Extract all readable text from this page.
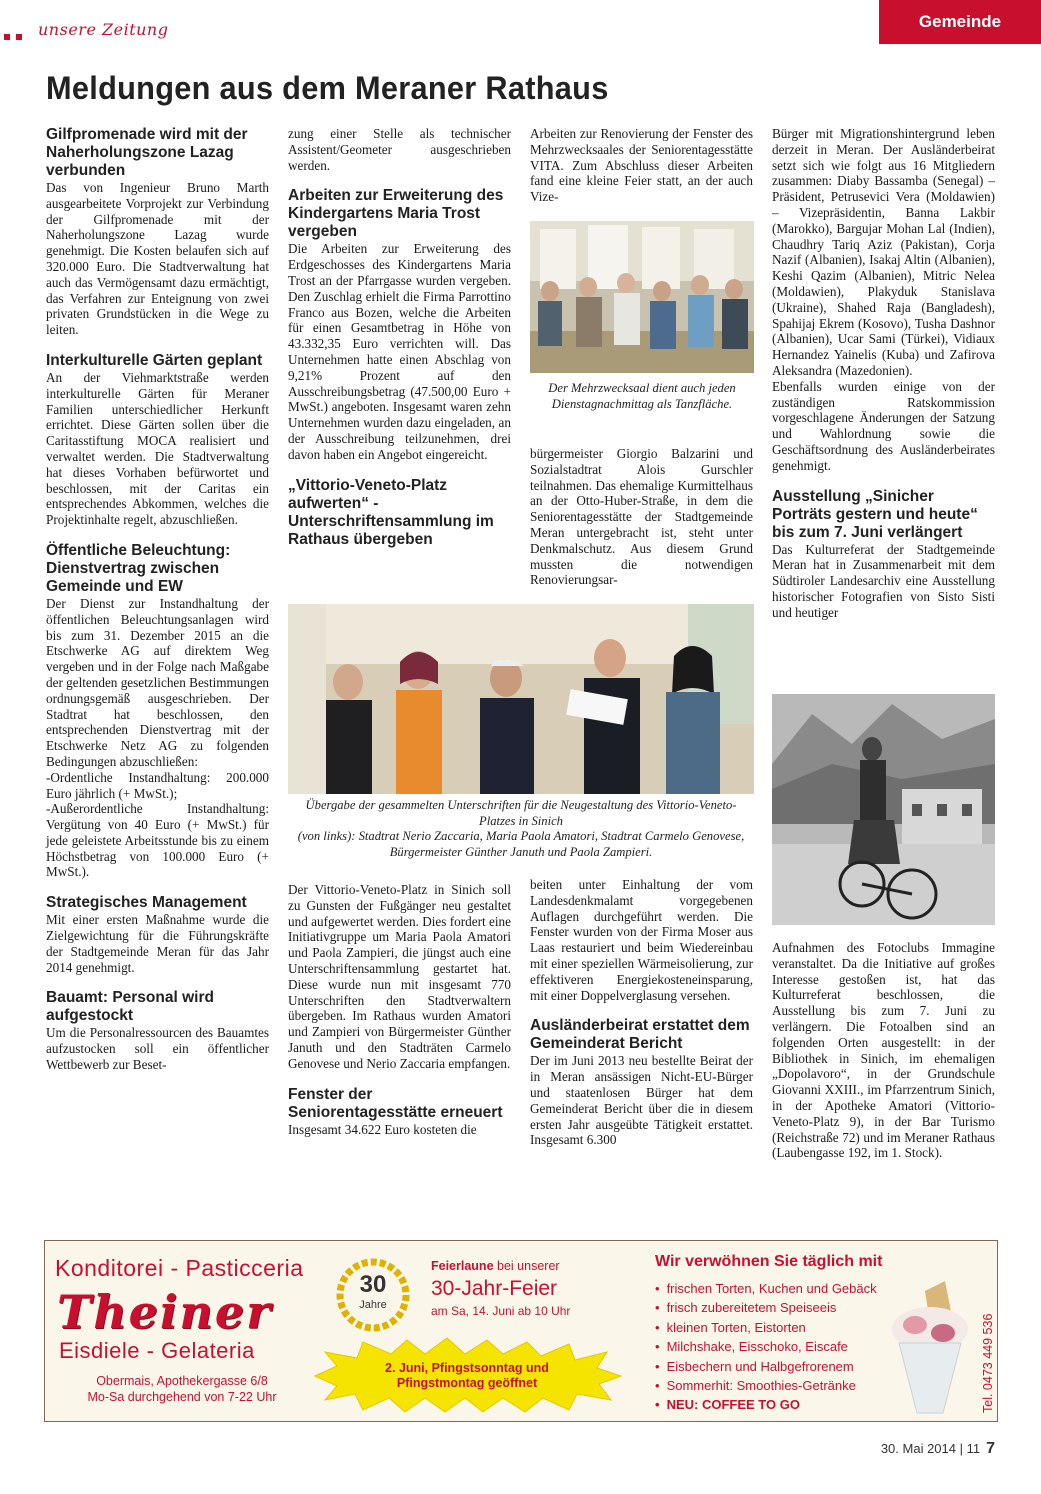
unsere Zeitung	Gemeinde
Meldungen aus dem Meraner Rathaus
Gilfpromenade wird mit der Naherholungszone Lazag verbunden

Das von Ingenieur Bruno Marth ausgearbeitete Vorprojekt zur Verbindung der Gilfpromenade mit der Naherholungszone Lazag wurde genehmigt. Die Kosten belaufen sich auf 320.000 Euro. Die Stadtverwaltung hat auch das Vermögensamt dazu ermächtigt, das Verfahren zur Enteignung von zwei privaten Grundstücken in die Wege zu leiten.

Interkulturelle Gärten geplant

An der Viehmarktstraße werden interkulturelle Gärten für Meraner Familien unterschiedlicher Herkunft errichtet. Diese Gärten sollen über die Caritasstiftung MOCA realisiert und verwaltet werden. Die Stadtverwaltung hat dieses Vorhaben befürwortet und beschlossen, mit der Caritas ein entsprechendes Abkommen, welches die Projektinhalte regelt, abzuschließen.

Öffentliche Beleuchtung: Dienstvertrag zwischen Gemeinde und EW

Der Dienst zur Instandhaltung der öffentlichen Beleuchtungsanlagen wird bis zum 31. Dezember 2015 an die Etschwerke AG auf direktem Weg vergeben und in der Folge nach Maßgabe der geltenden gesetzlichen Bestimmungen ordnungsgemäß ausgeschrieben. Der Stadtrat hat beschlossen, den entsprechenden Dienstvertrag mit der Etschwerke Netz AG zu folgenden Bedingungen abzuschließen:

-Ordentliche Instandhaltung: 200.000 Euro jährlich (+ MwSt.);

-Außerordentliche Instandhaltung: Vergütung von 40 Euro (+ MwSt.) für jede geleistete Arbeitsstunde bis zu einem Höchstbetrag von 100.000 Euro (+ MwSt.).

Strategisches Management

Mit einer ersten Maßnahme wurde die Zielgewichtung für die Führungskräfte der Stadtgemeinde Meran für das Jahr 2014 genehmigt.

Bauamt: Personal wird aufgestockt

Um die Personalressourcen des Bauamtes aufzustocken soll ein öffentlicher Wettbewerb zur Beset-

zung einer Stelle als technischer Assistent/Geometer ausgeschrieben werden.

Arbeiten zur Erweiterung des Kindergartens Maria Trost vergeben

Die Arbeiten zur Erweiterung des Erdgeschosses des Kindergartens Maria Trost an der Pfarrgasse wurden vergeben. Den Zuschlag erhielt die Firma Parrottino Franco aus Bozen, welche die Arbeiten für einen Gesamtbetrag in Höhe von 43.332,35 Euro verrichten will. Das Unternehmen hatte einen Abschlag von 9,21% Prozent auf den Ausschreibungsbetrag (47.500,00 Euro + MwSt.) angeboten. Insgesamt waren zehn Unternehmen wurden dazu eingeladen, an der Ausschreibung teilzunehmen, drei davon haben ein Angebot eingereicht.

„Vittorio-Veneto-Platz aufwerten“ - Unterschriftensammlung im Rathaus übergeben

Arbeiten zur Renovierung der Fenster des Mehrzwecksaales der Seniorentagesstätte VITA. Zum Abschluss dieser Arbeiten fand eine kleine Feier statt, an der auch Vize-

Der Mehrzwecksaal dient auch jeden Dienstagnachmittag als Tanzfläche.

bürgermeister Giorgio Balzarini und Sozialstadtrat Alois Gurschler teilnahmen. Das ehemalige Kurmittelhaus an der Otto-Huber-Straße, in dem die Seniorentagesstätte der Stadtgemeinde Meran untergebracht ist, steht unter Denkmalschutz. Aus diesem Grund mussten die notwendigen Renovierungsar-

Bürger mit Migrationshintergrund leben derzeit in Meran. Der Ausländerbeirat setzt sich wie folgt aus 16 Mitgliedern zusammen: Diaby Bassamba (Senegal) – Präsident, Petrusevici Vera (Moldawien) – Vizepräsidentin, Banna Lakbir (Marokko), Bargujar Mohan Lal (Indien), Chaudhry Tariq Aziz (Pakistan), Corja Nazif (Albanien), Isakaj Altin (Albanien), Keshi Qazim (Albanien), Mitric Nelea (Moldawien), Plakyduk Stanislava (Ukraine), Shahed Raja (Bangladesh), Spahijaj Ekrem (Kosovo), Tusha Dashnor (Albanien), Ucar Sami (Türkei), Vidiaux Hernandez Yainelis (Kuba) und Zafirova Aleksandra (Mazedonien).

Ebenfalls wurden einige von der zuständigen Ratskommission vorgeschlagene Änderungen der Satzung und Wahlordnung sowie die Geschäftsordnung des Ausländerbeirates genehmigt.

Ausstellung „Sinicher Porträts gestern und heute“ bis zum 7. Juni verlängert

Das Kulturreferat der Stadtgemeinde Meran hat in Zusammenarbeit mit dem Südtiroler Landesarchiv eine Ausstellung historischer Fotografien von Sisto Sisti und heutiger

Aufnahmen des Fotoclubs Immagine veranstaltet. Da die Initiative auf großes Interesse gestoßen ist, hat das Kulturreferat beschlossen, die Ausstellung bis zum 7. Juni zu verlängern. Die Fotoalben sind an folgenden Orten ausgestellt: in der Bibliothek in Sinich, im ehemaligen „Dopolavoro“, in der Grundschule Giovanni XXIII., im Pfarrzentrum Sinich, in der Apotheke Amatori (Vittorio-Veneto-Platz 9), in der Bar Turismo (Reichstraße 72) und im Meraner Rathaus (Laubengasse 192, im 1. Stock).

Übergabe der gesammelten Unterschriften für die Neugestaltung des Vittorio-Veneto-Platzes in Sinich
(von links): Stadtrat Nerio Zaccaria, Maria Paola Amatori, Stadtrat Carmelo Genovese, Bürgermeister Günther Januth und Paola Zampieri.

Der Vittorio-Veneto-Platz in Sinich soll zu Gunsten der Fußgänger neu gestaltet und aufgewertet werden. Dies fordert eine Initiativgruppe um Maria Paola Amatori und Paola Zampieri, die jüngst auch eine Unterschriftensammlung gestartet hat. Diese wurde nun mit insgesamt 770 Unterschriften den Stadtverwaltern übergeben. Im Rathaus wurden Amatori und Zampieri von Bürgermeister Günther Januth und den Stadträten Carmelo Genovese und Nerio Zaccaria empfangen.

Fenster der Seniorentagesstätte erneuert

Insgesamt 34.622 Euro kosteten die

beiten unter Einhaltung der vom Landesdenkmalamt vorgegebenen Auflagen durchgeführt werden. Die Fenster wurden von der Firma Moser aus Laas restauriert und beim Wiedereinbau mit einer speziellen Wärmeisolierung, zur effektiveren Energiekosteneinsparung, mit einer Doppelverglasung versehen.

Ausländerbeirat erstattet dem Gemeinderat Bericht

Der im Juni 2013 neu bestellte Beirat der in Meran ansässigen Nicht-EU-Bürger und staatenlosen Bürger hat dem Gemeinderat Bericht über die in diesem ersten Jahr ausgeübte Tätigkeit erstattet. Insgesamt 6.300

Konditorei - Pasticceria
Theiner
Eisdiele - Gelateria
Obermais, Apothekergasse 6/8
Mo-Sa durchgehend von 7-22 Uhr
30
Jahre
Feierlaune bei unserer
30-Jahr-Feier
am Sa, 14. Juni ab 10 Uhr
2. Juni, Pfingstsonntag und
Pfingstmontag geöffnet
Wir verwöhnen Sie täglich mit
• frischen Torten, Kuchen und Gebäck
• frisch zubereitetem Speiseeis
• kleinen Torten, Eistorten
• Milchshake, Eisschoko, Eiscafe
• Eisbechern und Halbgefrorenem
• Sommerhit: Smoothies-Getränke
• NEU: COFFEE TO GO	Tel. 0473 449 536
30. Mai 2014 | 11 7
